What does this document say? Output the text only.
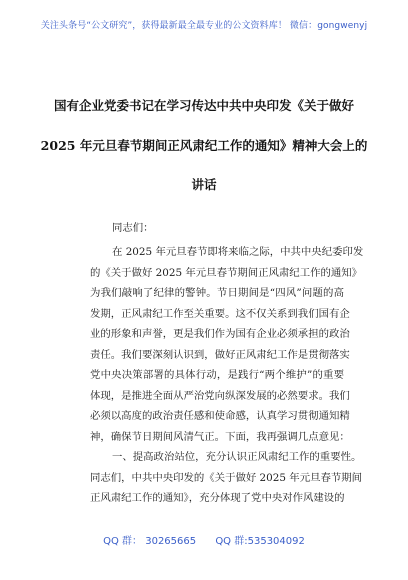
关注头条号“公文研究”，获得最新最全最专业的公文资料库！ 微信：gongwenyj
国有企业党委书记在学习传达中共中央印发《关于做好
2025 年元旦春节期间正风肃纪工作的通知》精神大会上的
讲话
同志们：
在 2025 年元旦春节即将来临之际，中共中央纪委印发
的《关于做好 2025 年元旦春节期间正风肃纪工作的通知》
为我们敲响了纪律的警钟。节日期间是“四风”问题的高
发期，正风肃纪工作至关重要。这不仅关系到我们国有企
业的形象和声誉，更是我们作为国有企业必须承担的政治
责任。我们要深刻认识到，做好正风肃纪工作是贯彻落实
党中央决策部署的具体行动，是践行“两个维护”的重要
体现，是推进全面从严治党向纵深发展的必然要求。我们
必须以高度的政治责任感和使命感，认真学习贯彻通知精
神，确保节日期间风清气正。下面，我再强调几点意见：
一、提高政治站位，充分认识正风肃纪工作的重要性。
同志们，中共中央印发的《关于做好 2025 年元旦春节期间
正风肃纪工作的通知》，充分体现了党中央对作风建设的
QQ 群： 30265665 QQ 群:535304092
